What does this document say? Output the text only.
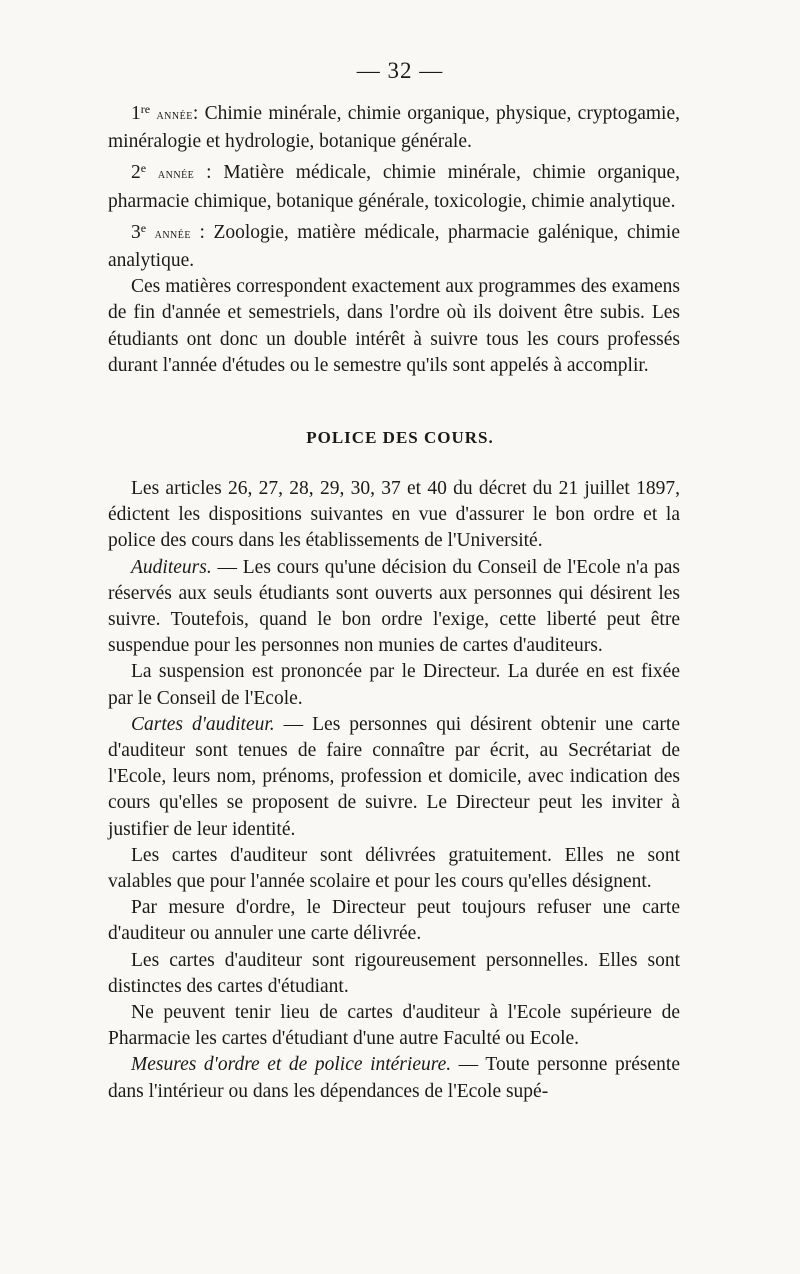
— 32 —

1re année: Chimie minérale, chimie organique, physique, cryptogamie, minéralogie et hydrologie, botanique générale.

2e année : Matière médicale, chimie minérale, chimie organique, pharmacie chimique, botanique générale, toxicologie, chimie analytique.

3e année : Zoologie, matière médicale, pharmacie galénique, chimie analytique.

Ces matières correspondent exactement aux programmes des examens de fin d'année et semestriels, dans l'ordre où ils doivent être subis. Les étudiants ont donc un double intérêt à suivre tous les cours professés durant l'année d'études ou le semestre qu'ils sont appelés à accomplir.

POLICE DES COURS.

Les articles 26, 27, 28, 29, 30, 37 et 40 du décret du 21 juillet 1897, édictent les dispositions suivantes en vue d'assurer le bon ordre et la police des cours dans les établissements de l'Université.

Auditeurs. — Les cours qu'une décision du Conseil de l'Ecole n'a pas réservés aux seuls étudiants sont ouverts aux personnes qui désirent les suivre. Toutefois, quand le bon ordre l'exige, cette liberté peut être suspendue pour les personnes non munies de cartes d'auditeurs.

La suspension est prononcée par le Directeur. La durée en est fixée par le Conseil de l'Ecole.

Cartes d'auditeur. — Les personnes qui désirent obtenir une carte d'auditeur sont tenues de faire connaître par écrit, au Secrétariat de l'Ecole, leurs nom, prénoms, profession et domicile, avec indication des cours qu'elles se proposent de suivre. Le Directeur peut les inviter à justifier de leur identité.

Les cartes d'auditeur sont délivrées gratuitement. Elles ne sont valables que pour l'année scolaire et pour les cours qu'elles désignent.

Par mesure d'ordre, le Directeur peut toujours refuser une carte d'auditeur ou annuler une carte délivrée.

Les cartes d'auditeur sont rigoureusement personnelles. Elles sont distinctes des cartes d'étudiant.

Ne peuvent tenir lieu de cartes d'auditeur à l'Ecole supérieure de Pharmacie les cartes d'étudiant d'une autre Faculté ou Ecole.

Mesures d'ordre et de police intérieure. — Toute personne présente dans l'intérieur ou dans les dépendances de l'Ecole supé-
